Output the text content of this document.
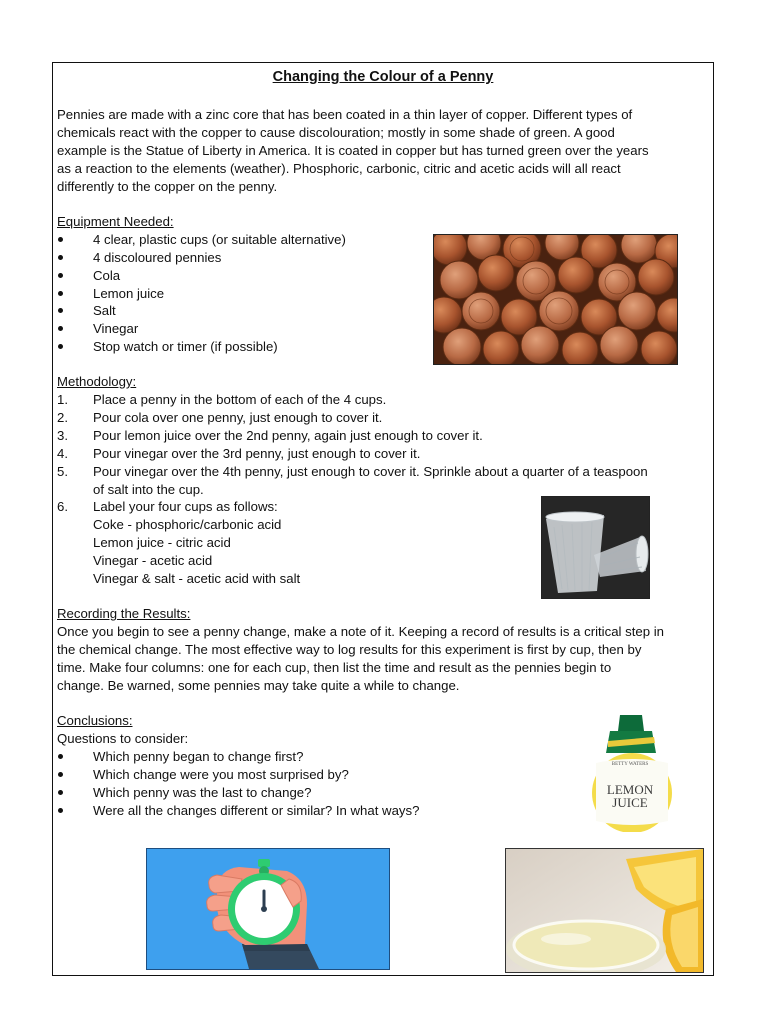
Changing the Colour of a Penny
Pennies are made with a zinc core that has been coated in a thin layer of copper. Different types of
chemicals react with the copper to cause discolouration; mostly in some shade of green. A good
example is the Statue of Liberty in America. It is coated in copper but has turned green over the years
as a reaction to the elements (weather). Phosphoric, carbonic, citric and acetic acids will all react
differently to the copper on the penny.
Equipment Needed:
4 clear, plastic cups (or suitable alternative)
4 discoloured pennies
Cola
Lemon juice
Salt
Vinegar
Stop watch or timer (if possible)
Methodology:
1.	Place a penny in the bottom of each of the 4 cups.
2.	Pour cola over one penny, just enough to cover it.
3.	Pour lemon juice over the 2nd penny, again just enough to cover it.
4.	Pour vinegar over the 3rd penny, just enough to cover it.
5.	Pour vinegar over the 4th penny, just enough to cover it. Sprinkle about a quarter of a teaspoon
of salt into the cup.
6.	Label your four cups as follows:
Coke - phosphoric/carbonic acid
Lemon juice - citric acid
Vinegar - acetic acid
Vinegar & salt - acetic acid with salt
Recording the Results:
Once you begin to see a penny change, make a note of it. Keeping a record of results is a critical step in
the chemical change. The most effective way to log results for this experiment is first by cup, then by
time. Make four columns: one for each cup, then list the time and result as the pennies begin to
change. Be warned, some pennies may take quite a while to change.
Conclusions:
Questions to consider:
Which penny began to change first?
Which change were you most surprised by?
Which penny was the last to change?
Were all the changes different or similar? In what ways?
BETTY WATERS
LEMON
JUICE
